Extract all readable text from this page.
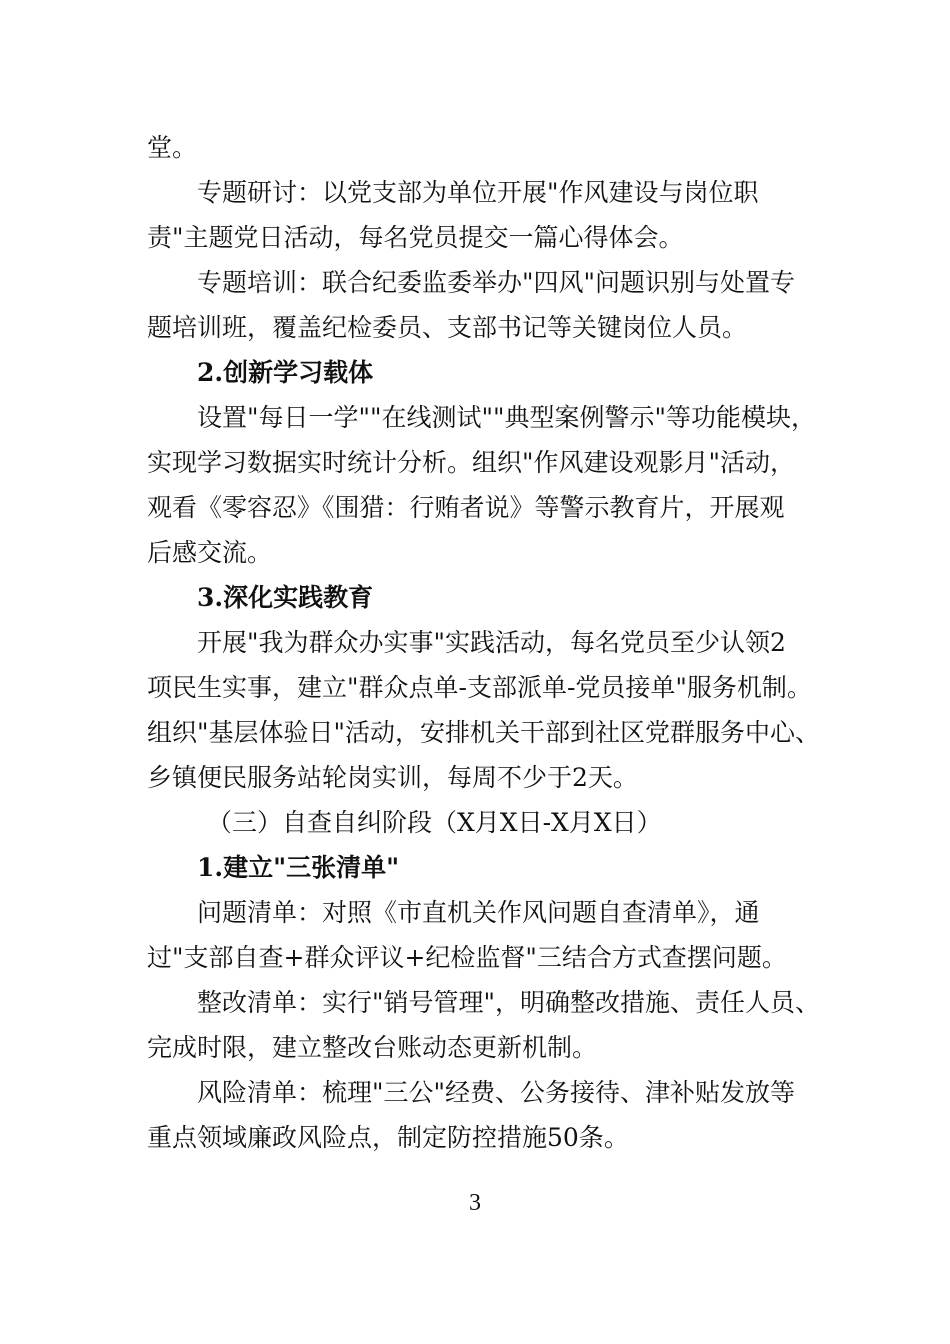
堂。
专题研讨：以党支部为单位开展"作风建设与岗位职
责"主题党日活动，每名党员提交一篇心得体会。
专题培训：联合纪委监委举办"四风"问题识别与处置专
题培训班，覆盖纪检委员、支部书记等关键岗位人员。
2.创新学习载体
设置"每日一学""在线测试""典型案例警示"等功能模块，
实现学习数据实时统计分析。组织"作风建设观影月"活动，
观看《零容忍》《围猎：行贿者说》等警示教育片，开展观
后感交流。
3.深化实践教育
开展"我为群众办实事"实践活动，每名党员至少认领2
项民生实事，建立"群众点单-支部派单-党员接单"服务机制。
组织"基层体验日"活动，安排机关干部到社区党群服务中心、
乡镇便民服务站轮岗实训，每周不少于2天。
（三）自查自纠阶段（X月X日-X月X日）
1.建立"三张清单"
问题清单：对照《市直机关作风问题自查清单》，通
过"支部自查+群众评议+纪检监督"三结合方式查摆问题。
整改清单：实行"销号管理"，明确整改措施、责任人员、
完成时限，建立整改台账动态更新机制。
风险清单：梳理"三公"经费、公务接待、津补贴发放等
重点领域廉政风险点，制定防控措施50条。
3
